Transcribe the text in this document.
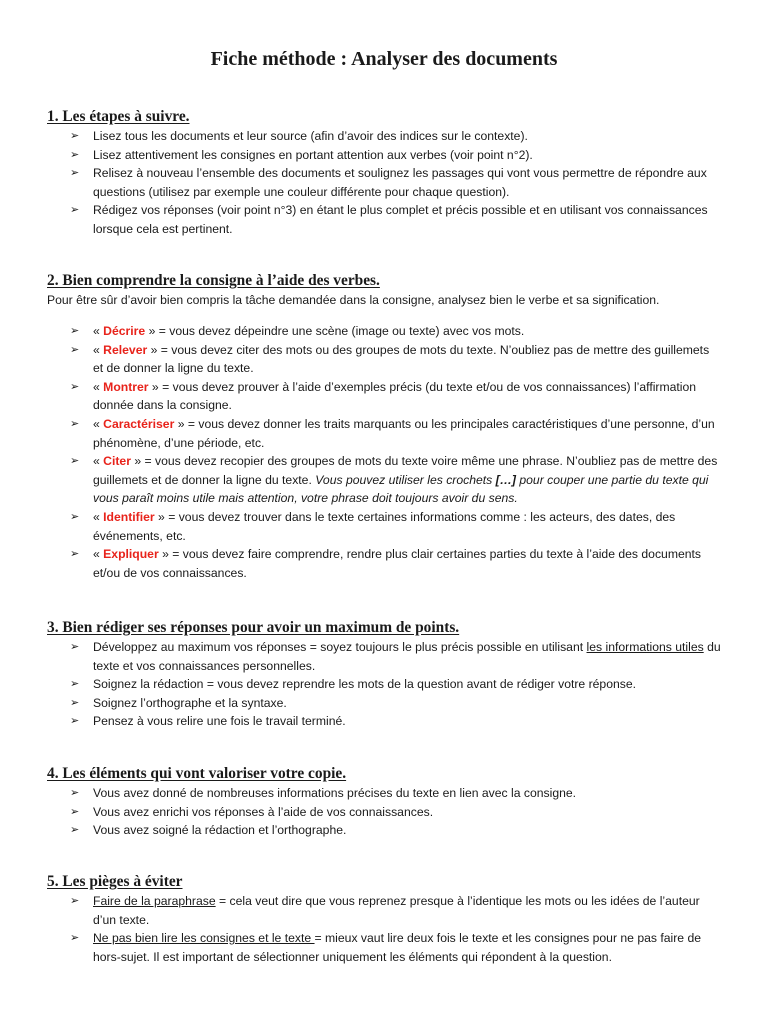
Fiche méthode : Analyser des documents
1. Les étapes à suivre.
➢ Lisez tous les documents et leur source (afin d’avoir des indices sur le contexte).
➢ Lisez attentivement les consignes en portant attention aux verbes (voir point n°2).
➢ Relisez à nouveau l’ensemble des documents et soulignez les passages qui vont vous permettre de répondre aux questions (utilisez par exemple une couleur différente pour chaque question).
➢ Rédigez vos réponses (voir point n°3) en étant le plus complet et précis possible et en utilisant vos connaissances lorsque cela est pertinent.
2. Bien comprendre la consigne à l’aide des verbes.

Pour être sûr d’avoir bien compris la tâche demandée dans la consigne, analysez bien le verbe et sa signification.

➢ « Décrire » = vous devez dépeindre une scène (image ou texte) avec vos mots.
➢ « Relever » = vous devez citer des mots ou des groupes de mots du texte. N’oubliez pas de mettre des guillemets et de donner la ligne du texte.
➢ « Montrer » = vous devez prouver à l’aide d’exemples précis (du texte et/ou de vos connaissances) l’affirmation donnée dans la consigne.
➢ « Caractériser » = vous devez donner les traits marquants ou les principales caractéristiques d’une personne, d’un phénomène, d’une période, etc.
➢ « Citer » = vous devez recopier des groupes de mots du texte voire même une phrase. N’oubliez pas de mettre des guillemets et de donner la ligne du texte. Vous pouvez utiliser les crochets […] pour couper une partie du texte qui vous paraît moins utile mais attention, votre phrase doit toujours avoir du sens.
➢ « Identifier » = vous devez trouver dans le texte certaines informations comme : les acteurs, des dates, des événements, etc.
➢ « Expliquer » = vous devez faire comprendre, rendre plus clair certaines parties du texte à l’aide des documents et/ou de vos connaissances.
3. Bien rédiger ses réponses pour avoir un maximum de points.
➢ Développez au maximum vos réponses = soyez toujours le plus précis possible en utilisant les informations utiles du texte et vos connaissances personnelles.
➢ Soignez la rédaction = vous devez reprendre les mots de la question avant de rédiger votre réponse.
➢ Soignez l’orthographe et la syntaxe.
➢ Pensez à vous relire une fois le travail terminé.
4. Les éléments qui vont valoriser votre copie.
➢ Vous avez donné de nombreuses informations précises du texte en lien avec la consigne.
➢ Vous avez enrichi vos réponses à l’aide de vos connaissances.
➢ Vous avez soigné la rédaction et l’orthographe.
5. Les pièges à éviter
➢ Faire de la paraphrase = cela veut dire que vous reprenez presque à l’identique les mots ou les idées de l’auteur d’un texte.
➢ Ne pas bien lire les consignes et le texte = mieux vaut lire deux fois le texte et les consignes pour ne pas faire de hors-sujet. Il est important de sélectionner uniquement les éléments qui répondent à la question.
